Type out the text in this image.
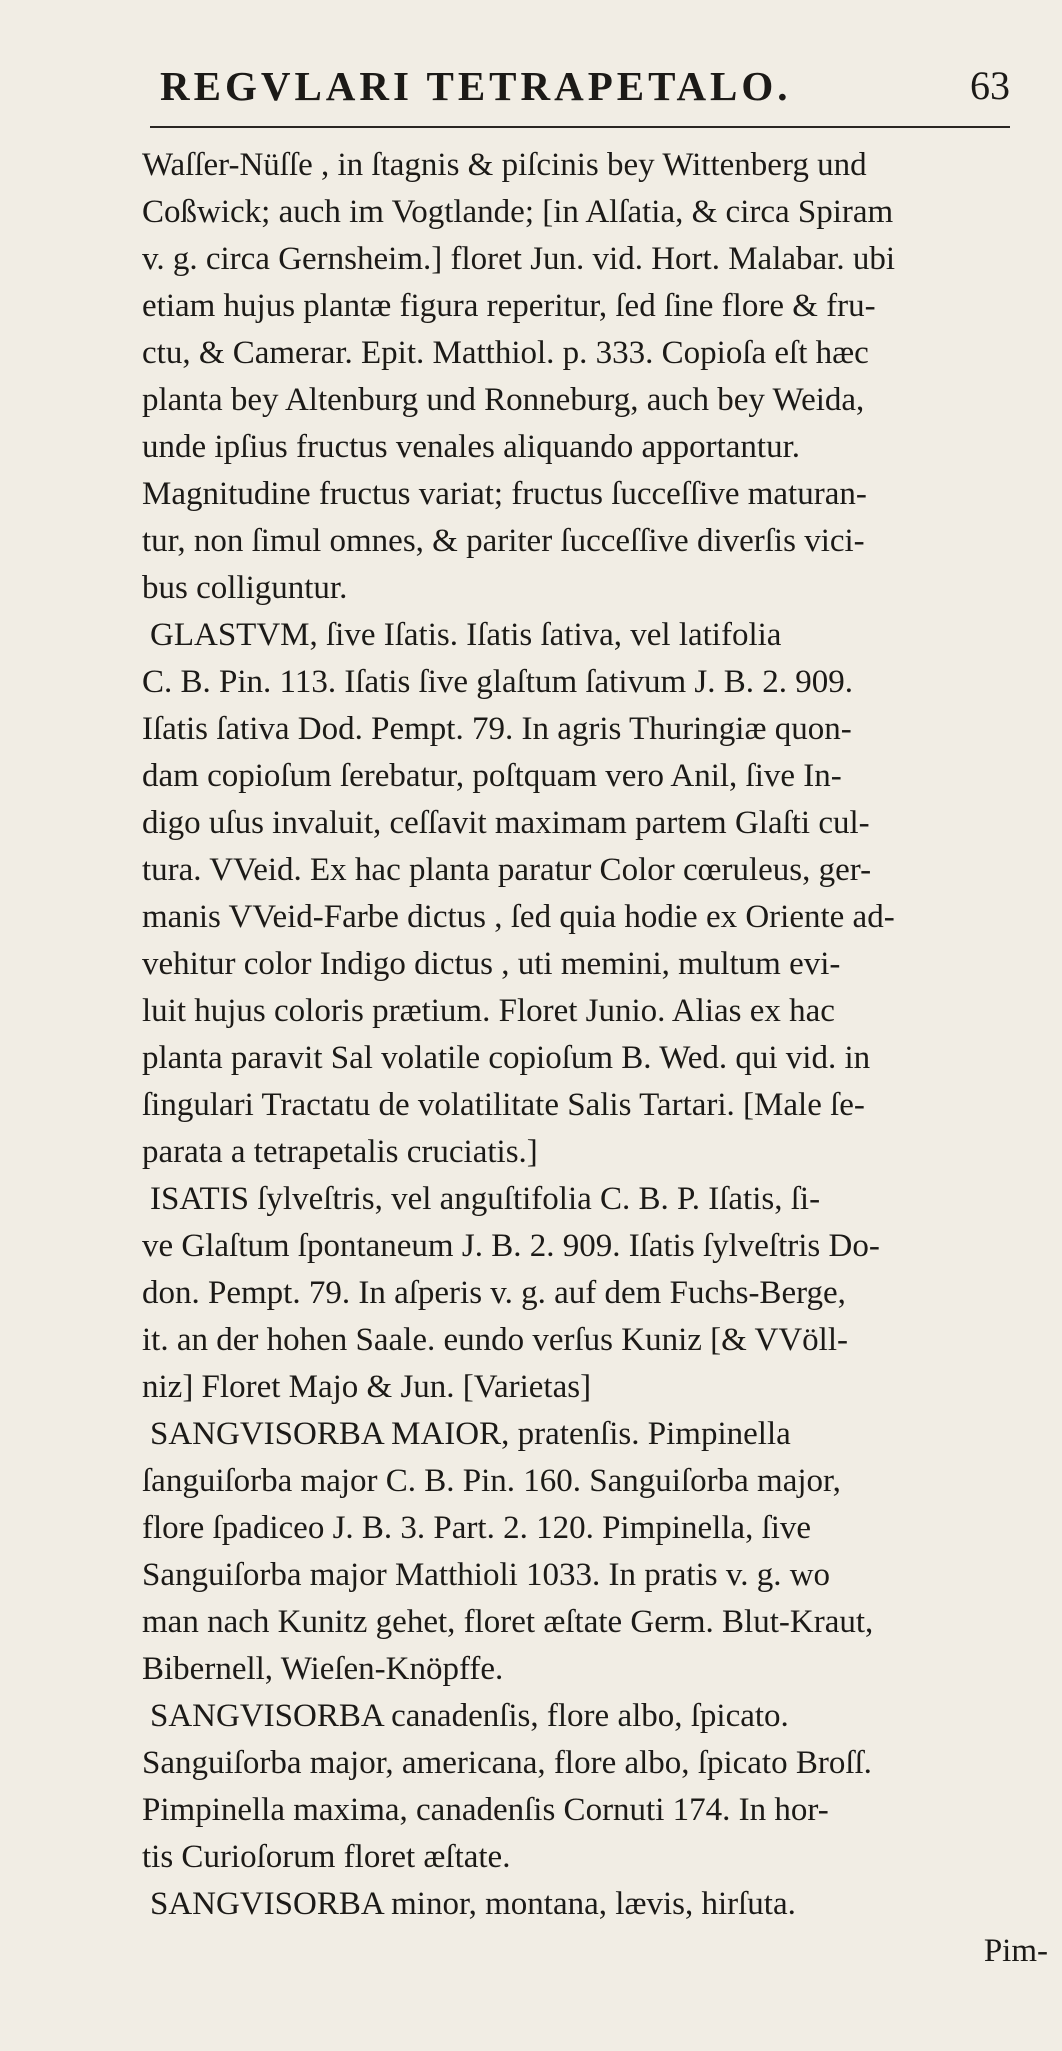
REGVLARI TETRAPETALO.	63
Waſſer-Nüſſe , in ſtagnis & piſcinis bey Wittenberg und
Coßwick; auch im Vogtlande; [in Alſatia, & circa Spiram
v. g. circa Gernsheim.] floret Jun. vid. Hort. Malabar. ubi
etiam hujus plantæ figura reperitur, ſed ſine flore & fru-
ctu, & Camerar. Epit. Matthiol. p. 333. Copioſa eſt hæc
planta bey Altenburg und Ronneburg, auch bey Weida,
unde ipſius fructus venales aliquando apportantur.
Magnitudine fructus variat; fructus ſucceſſive maturan-
tur, non ſimul omnes, & pariter ſucceſſive diverſis vici-
bus colliguntur.
GLASTVM, ſive Iſatis. Iſatis ſativa, vel latifolia
C. B. Pin. 113. Iſatis ſive glaſtum ſativum J. B. 2. 909.
Iſatis ſativa Dod. Pempt. 79. In agris Thuringiæ quon-
dam copioſum ſerebatur, poſtquam vero Anil, ſive In-
digo uſus invaluit, ceſſavit maximam partem Glaſti cul-
tura. VVeid. Ex hac planta paratur Color cœruleus, ger-
manis VVeid-Farbe dictus , ſed quia hodie ex Oriente ad-
vehitur color Indigo dictus , uti memini, multum evi-
luit hujus coloris prætium. Floret Junio. Alias ex hac
planta paravit Sal volatile copioſum B. Wed. qui vid. in
ſingulari Tractatu de volatilitate Salis Tartari. [Male ſe-
parata a tetrapetalis cruciatis.]
ISATIS ſylveſtris, vel anguſtifolia C. B. P. Iſatis, ſi-
ve Glaſtum ſpontaneum J. B. 2. 909. Iſatis ſylveſtris Do-
don. Pempt. 79. In aſperis v. g. auf dem Fuchs-Berge,
it. an der hohen Saale. eundo verſus Kuniz [& VVöll-
niz] Floret Majo & Jun. [Varietas]
SANGVISORBA MAIOR, pratenſis. Pimpinella
ſanguiſorba major C. B. Pin. 160. Sanguiſorba major,
flore ſpadiceo J. B. 3. Part. 2. 120. Pimpinella, ſive
Sanguiſorba major Matthioli 1033. In pratis v. g. wo
man nach Kunitz gehet, floret æſtate Germ. Blut-Kraut,
Bibernell, Wieſen-Knöpffe.
SANGVISORBA canadenſis, flore albo, ſpicato.
Sanguiſorba major, americana, flore albo, ſpicato Broſſ.
Pimpinella maxima, canadenſis Cornuti 174. In hor-
tis Curioſorum floret æſtate.
SANGVISORBA minor, montana, lævis, hirſuta.
Pim-
